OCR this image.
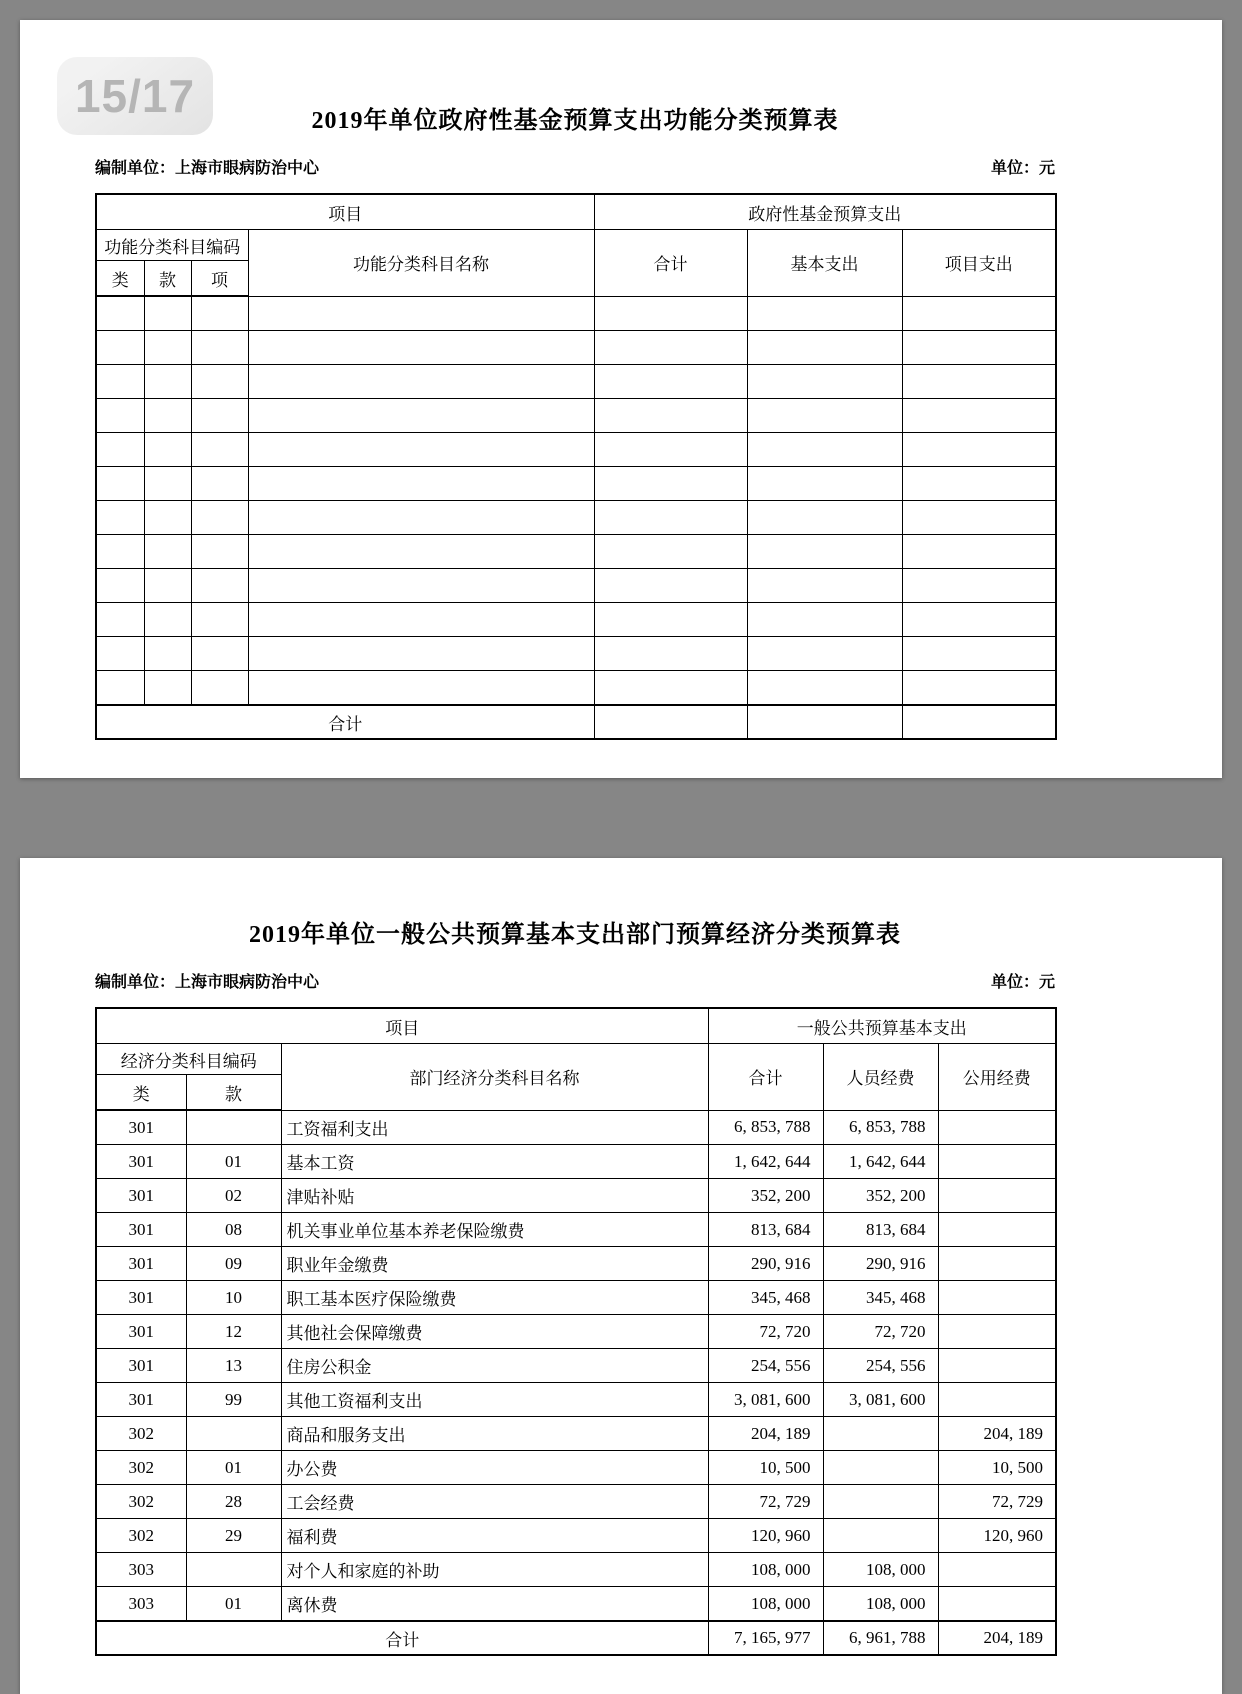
15/17	2019年单位政府性基金预算支出功能分类预算表
编制单位：上海市眼病防治中心	单位：元
项目				政府性基金预算支出		
功能分类科目编码			功能分类科目名称	合计	基本支出	项目支出
类	款	项				

合计						
2019年单位一般公共预算基本支出部门预算经济分类预算表
编制单位：上海市眼病防治中心	单位：元
项目			一般公共预算基本支出		
经济分类科目编码		部门经济分类科目名称	合计	人员经费	公用经费
类	款				
301		工资福利支出	6, 853, 788	6, 853, 788	
301	01	基本工资	1, 642, 644	1, 642, 644	
301	02	津贴补贴	352, 200	352, 200	
301	08	机关事业单位基本养老保险缴费	813, 684	813, 684	
301	09	职业年金缴费	290, 916	290, 916	
301	10	职工基本医疗保险缴费	345, 468	345, 468	
301	12	其他社会保障缴费	72, 720	72, 720	
301	13	住房公积金	254, 556	254, 556	
301	99	其他工资福利支出	3, 081, 600	3, 081, 600	
302		商品和服务支出	204, 189		204, 189
302	01	办公费	10, 500		10, 500
302	28	工会经费	72, 729		72, 729
302	29	福利费	120, 960		120, 960
303		对个人和家庭的补助	108, 000	108, 000	
303	01	离休费	108, 000	108, 000	
合计			7, 165, 977	6, 961, 788	204, 189
